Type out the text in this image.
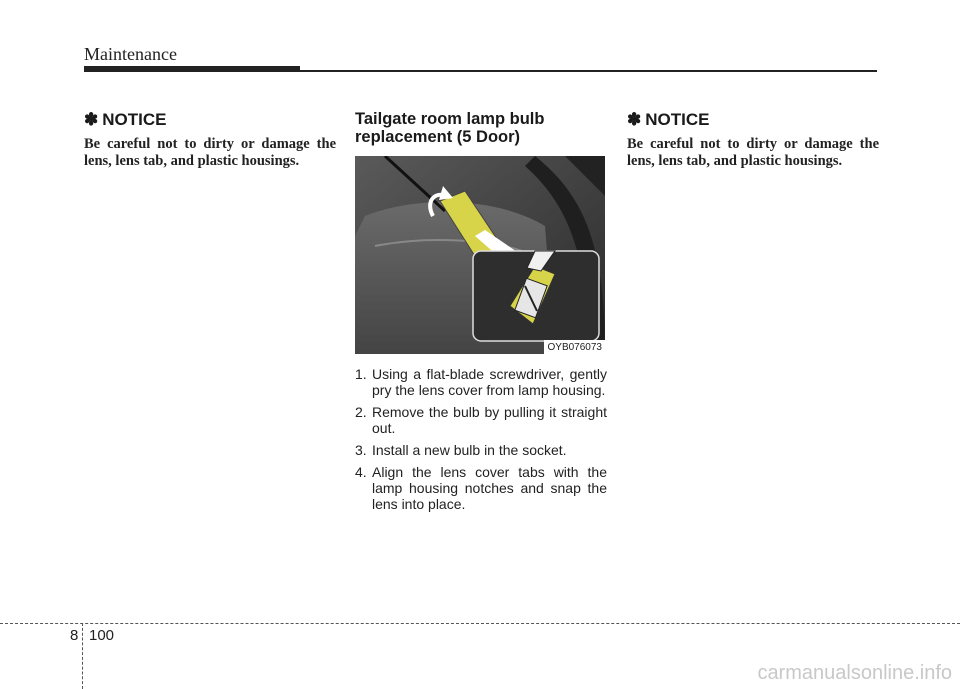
Maintenance
✽ NOTICE

Be careful not to dirty or damage the lens, lens tab, and plastic housings.

Tailgate room lamp bulb
replacement (5 Door)
OYB076073
1. Using a flat-blade screwdriver, gently pry the lens cover from lamp housing.
2. Remove the bulb by pulling it straight out.
3. Install a new bulb in the socket.
4. Align the lens cover tabs with the lamp housing notches and snap the lens into place.
✽ NOTICE

Be careful not to dirty or damage the lens, lens tab, and plastic housings.

8 100
carmanualsonline.info
